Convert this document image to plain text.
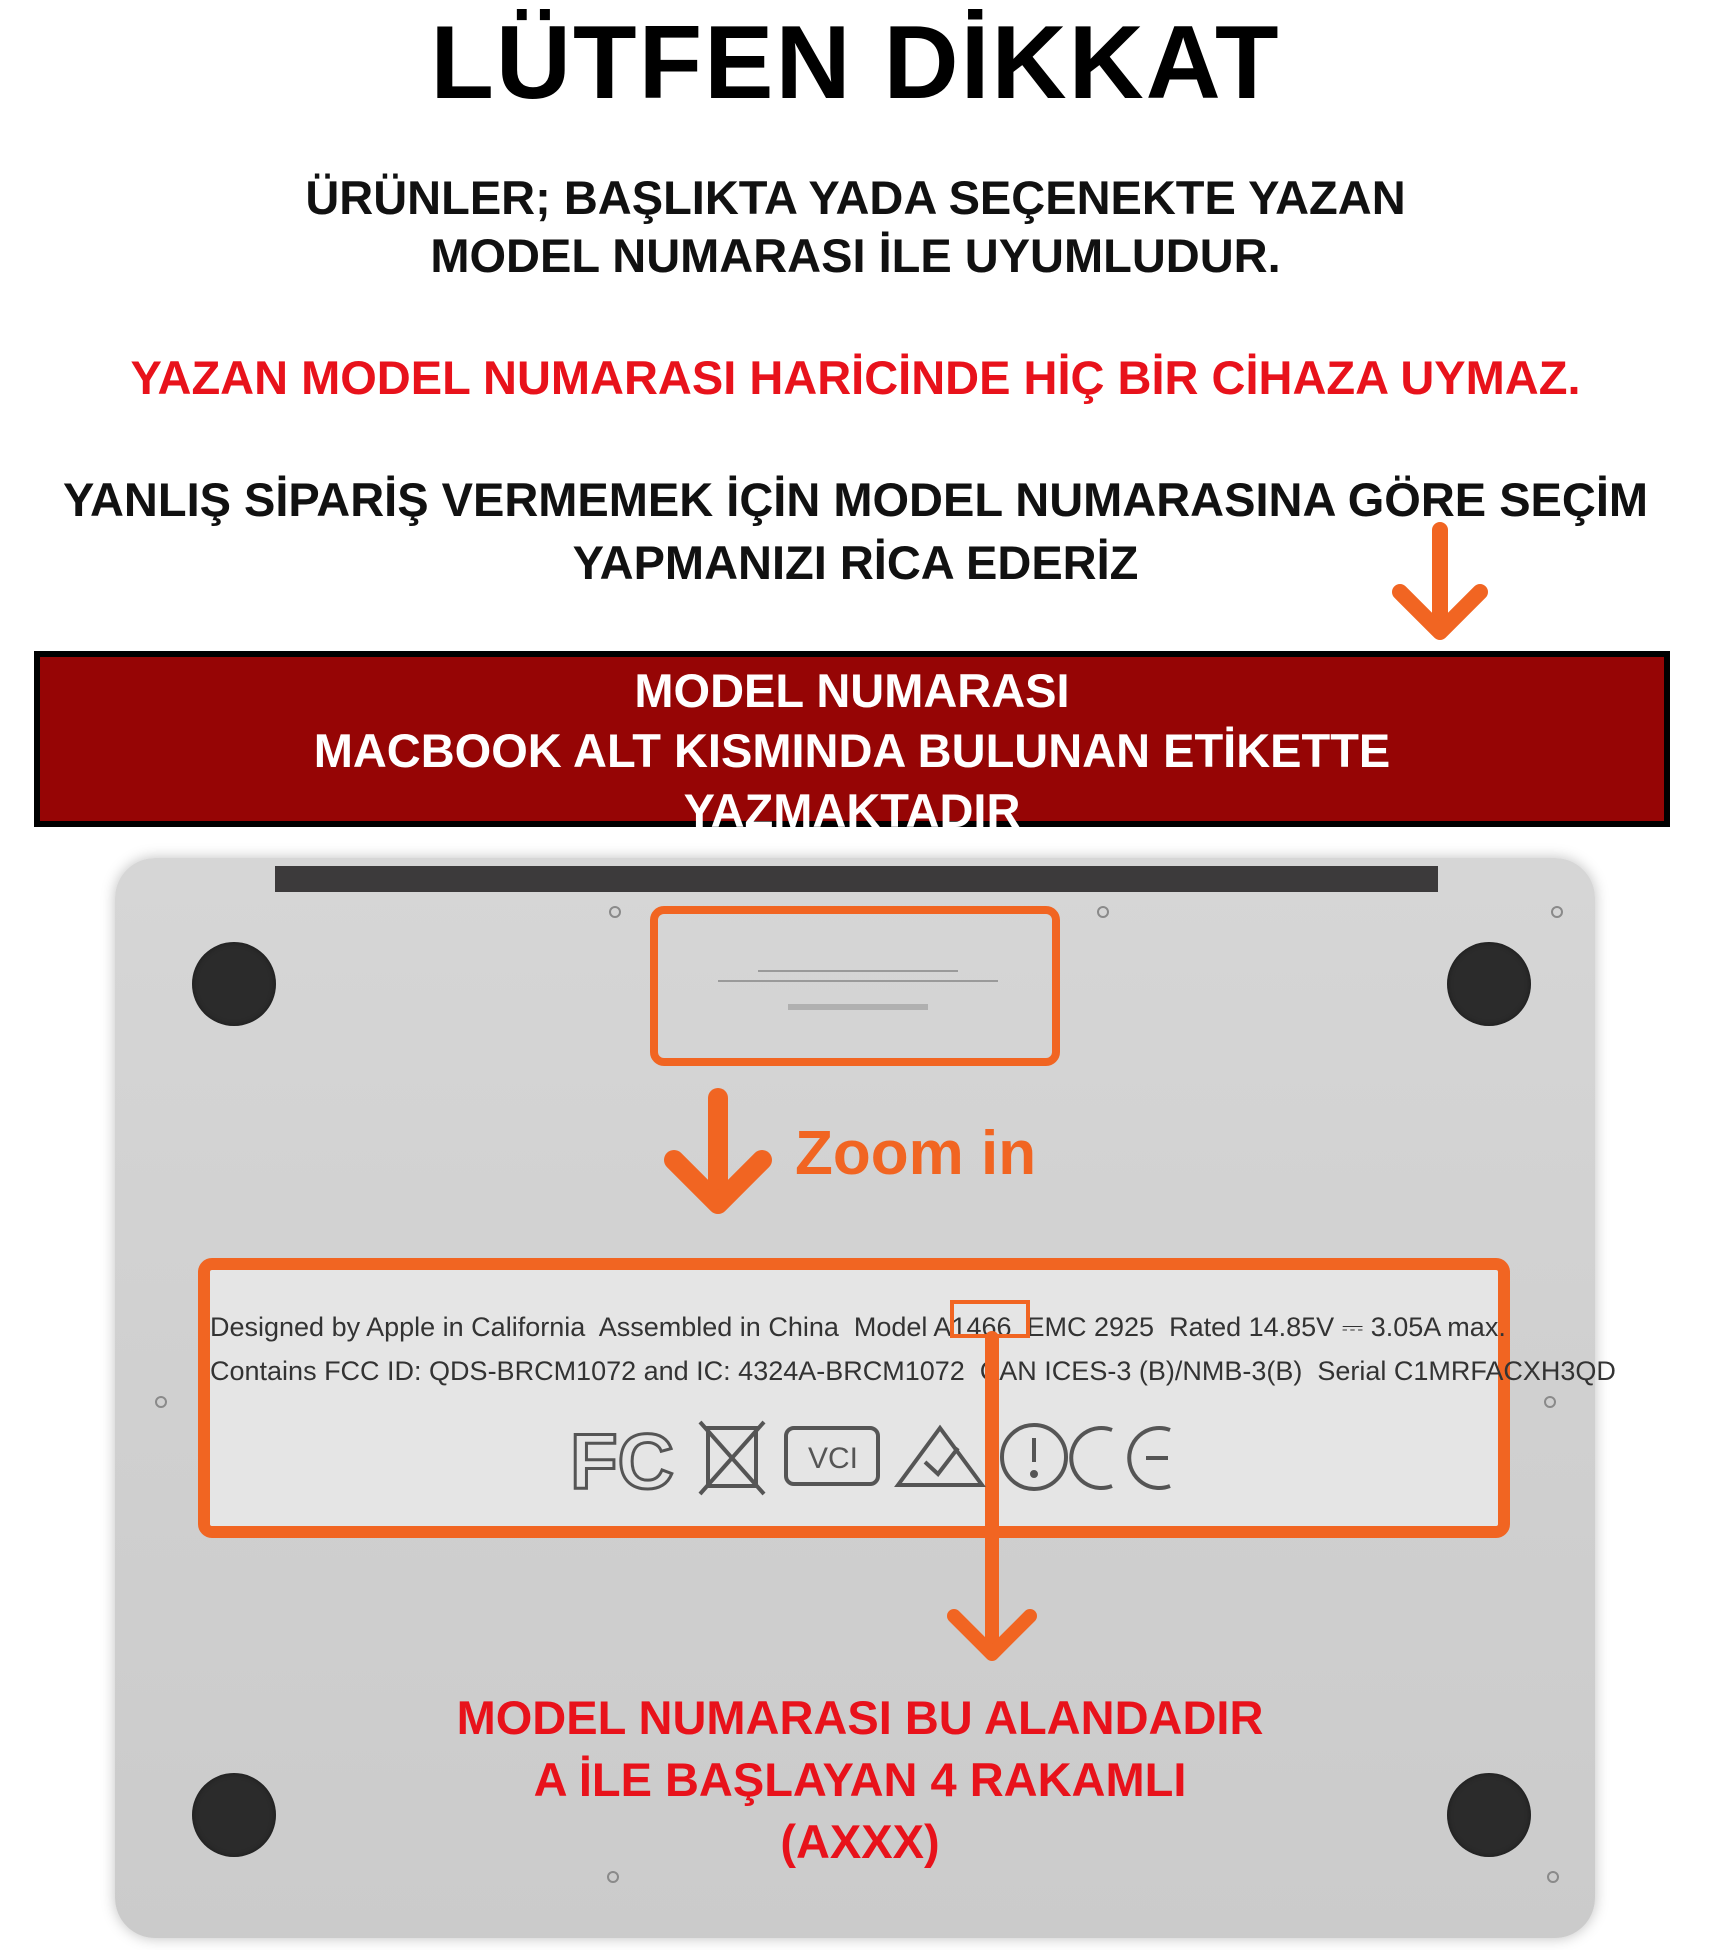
LÜTFEN DİKKAT
ÜRÜNLER; BAŞLIKTA YADA SEÇENEKTE YAZAN
MODEL NUMARASI İLE UYUMLUDUR.
YAZAN MODEL NUMARASI HARİCİNDE HİÇ BİR CİHAZA UYMAZ.
YANLIŞ SİPARİŞ VERMEMEK İÇİN MODEL NUMARASINA GÖRE SEÇİM
YAPMANIZI RİCA EDERİZ
MODEL NUMARASI
MACBOOK ALT KISMINDA BULUNAN ETİKETTE
YAZMAKTADIR
Zoom in
Designed by Apple in California  Assembled in China  Model A1466  EMC 2925  Rated 14.85V ⎓ 3.05A max.
Contains FCC ID: QDS-BRCM1072 and IC: 4324A-BRCM1072  CAN ICES-3 (B)/NMB-3(B)  Serial C1MRFACXH3QD
FC	VCI
MODEL NUMARASI BU ALANDADIR
A İLE BAŞLAYAN 4 RAKAMLI
(AXXX)
